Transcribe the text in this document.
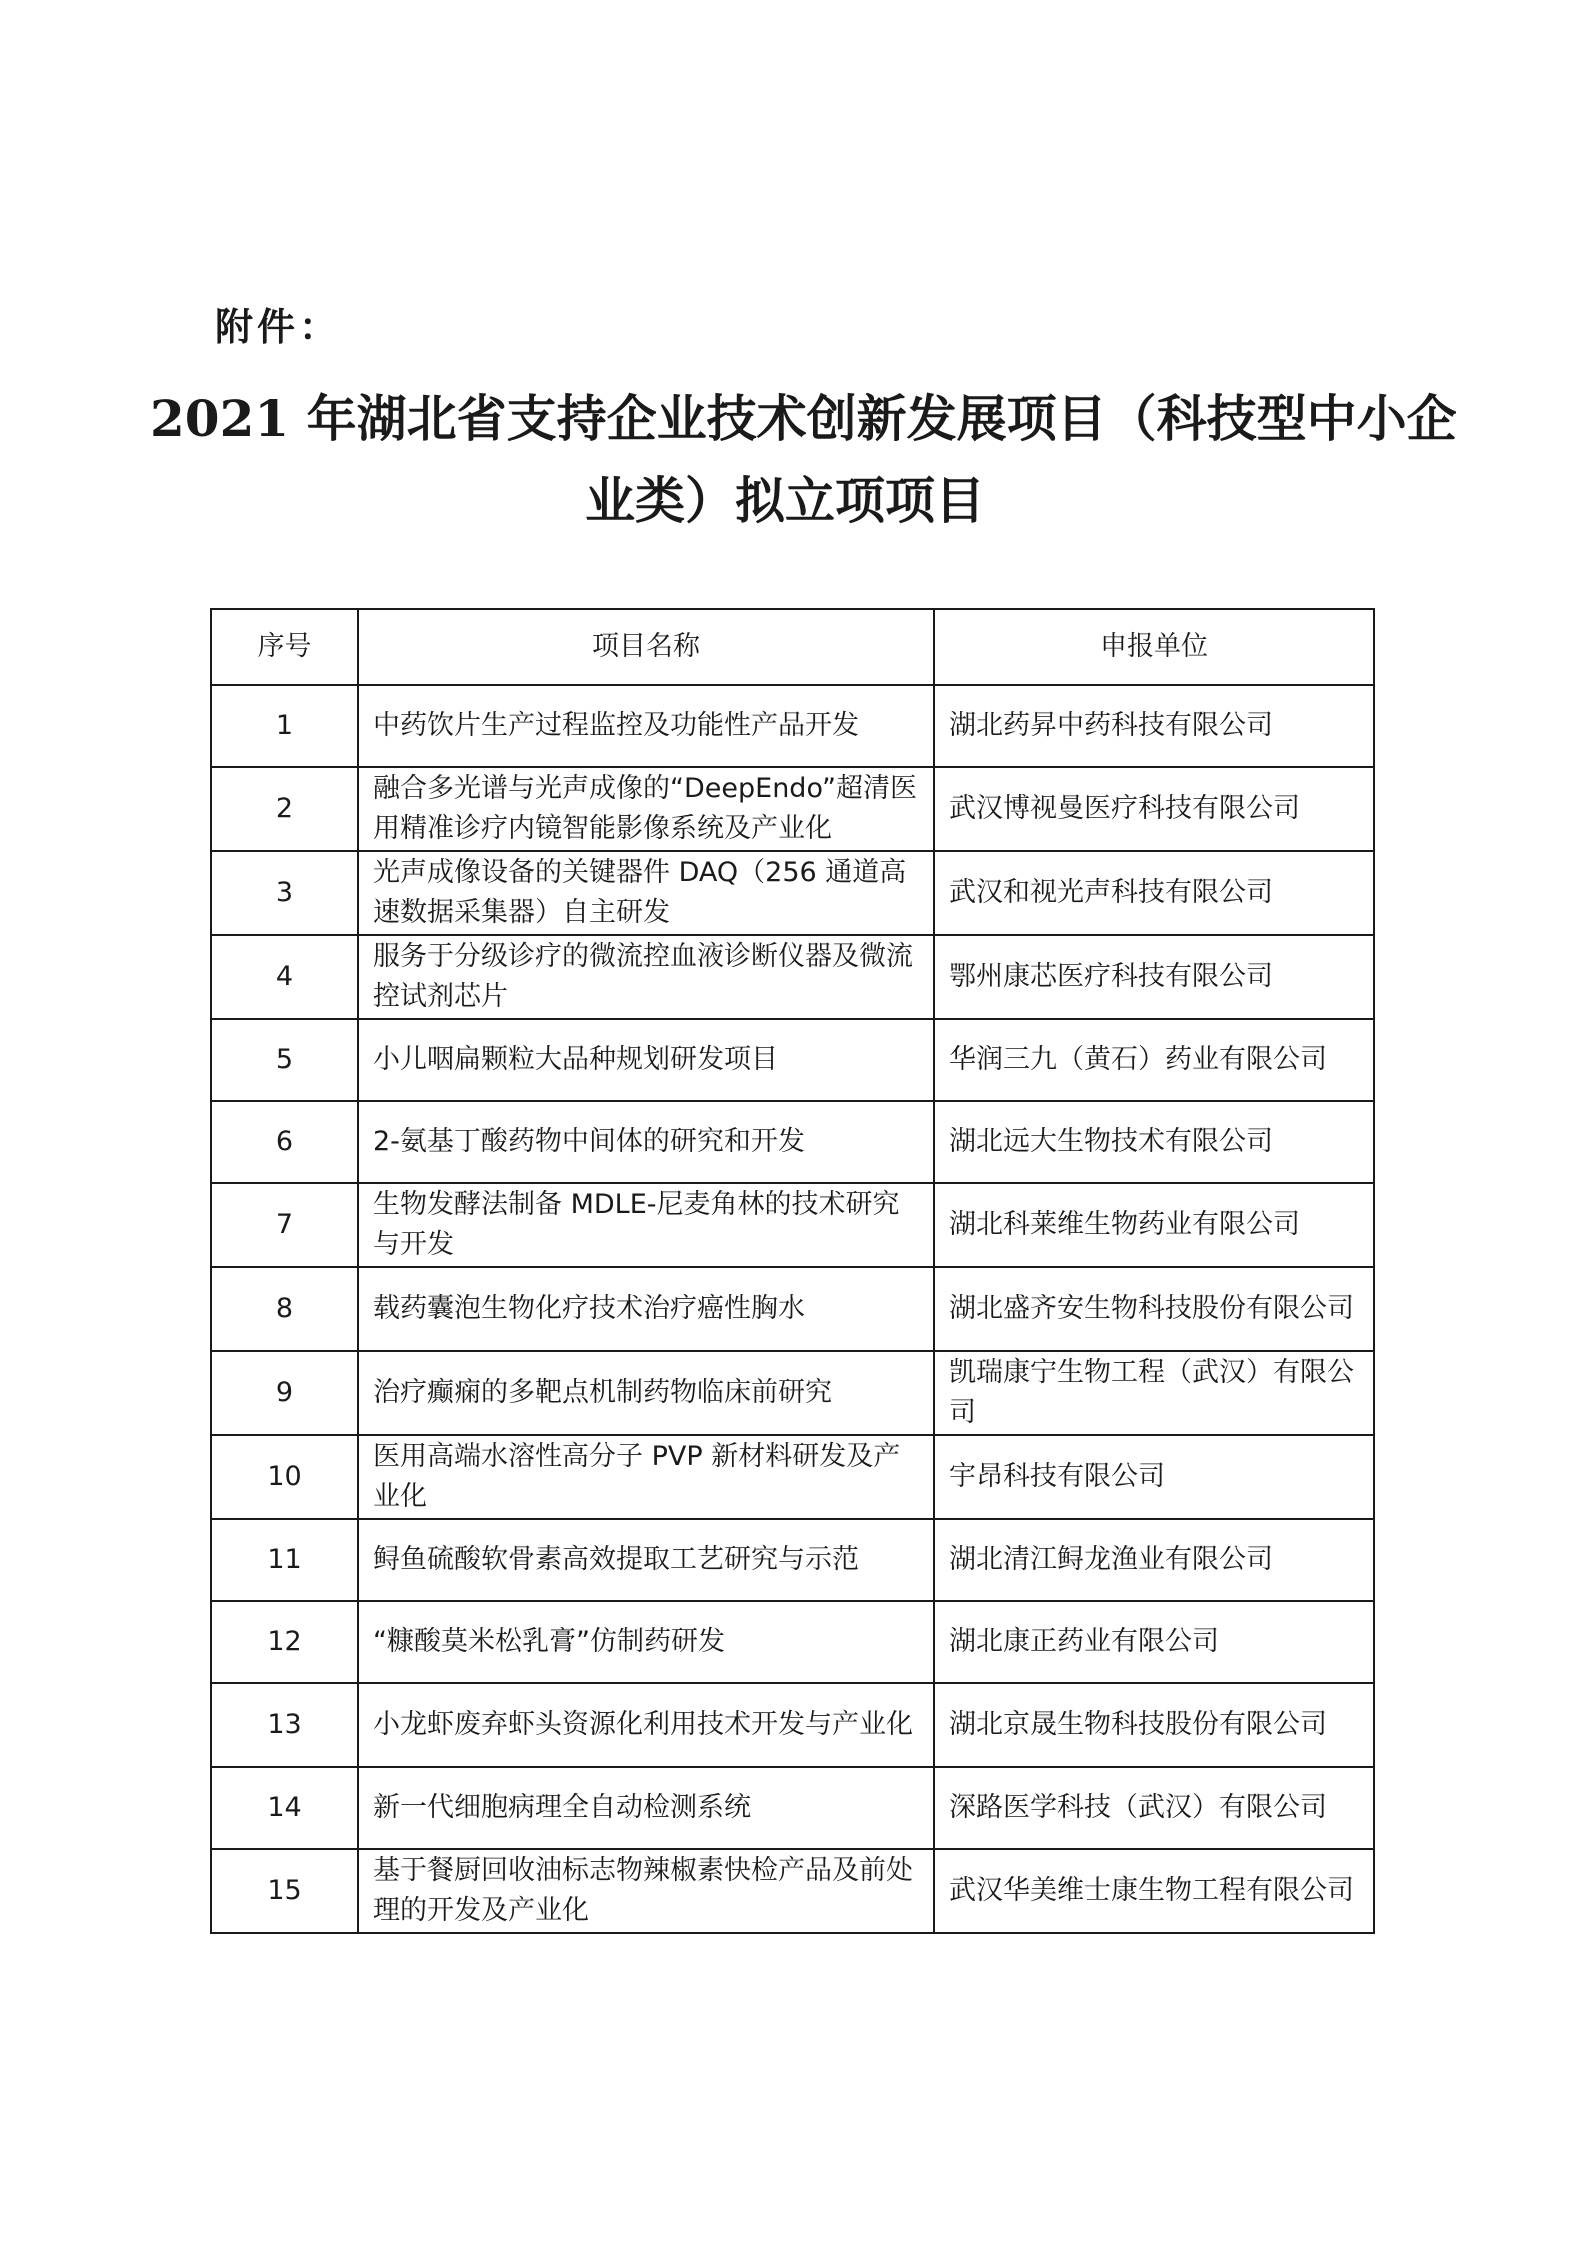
附件：
2021 年湖北省支持企业技术创新发展项目（科技型中小企
业类）拟立项项目
序号	项目名称	申报单位
1	中药饮片生产过程监控及功能性产品开发	湖北药昇中药科技有限公司
2	融合多光谱与光声成像的“DeepEndo”超清医用精准诊疗内镜智能影像系统及产业化	武汉博视曼医疗科技有限公司
3	光声成像设备的关键器件 DAQ（256 通道高速数据采集器）自主研发	武汉和视光声科技有限公司
4	服务于分级诊疗的微流控血液诊断仪器及微流控试剂芯片	鄂州康芯医疗科技有限公司
5	小儿咽扁颗粒大品种规划研发项目	华润三九（黄石）药业有限公司
6	2-氨基丁酸药物中间体的研究和开发	湖北远大生物技术有限公司
7	生物发酵法制备 MDLE-尼麦角林的技术研究与开发	湖北科莱维生物药业有限公司
8	载药囊泡生物化疗技术治疗癌性胸水	湖北盛齐安生物科技股份有限公司
9	治疗癫痫的多靶点机制药物临床前研究	凯瑞康宁生物工程（武汉）有限公司
10	医用高端水溶性高分子 PVP 新材料研发及产业化	宇昂科技有限公司
11	鲟鱼硫酸软骨素高效提取工艺研究与示范	湖北清江鲟龙渔业有限公司
12	“糠酸莫米松乳膏”仿制药研发	湖北康正药业有限公司
13	小龙虾废弃虾头资源化利用技术开发与产业化	湖北京晟生物科技股份有限公司
14	新一代细胞病理全自动检测系统	深路医学科技（武汉）有限公司
15	基于餐厨回收油标志物辣椒素快检产品及前处理的开发及产业化	武汉华美维士康生物工程有限公司
